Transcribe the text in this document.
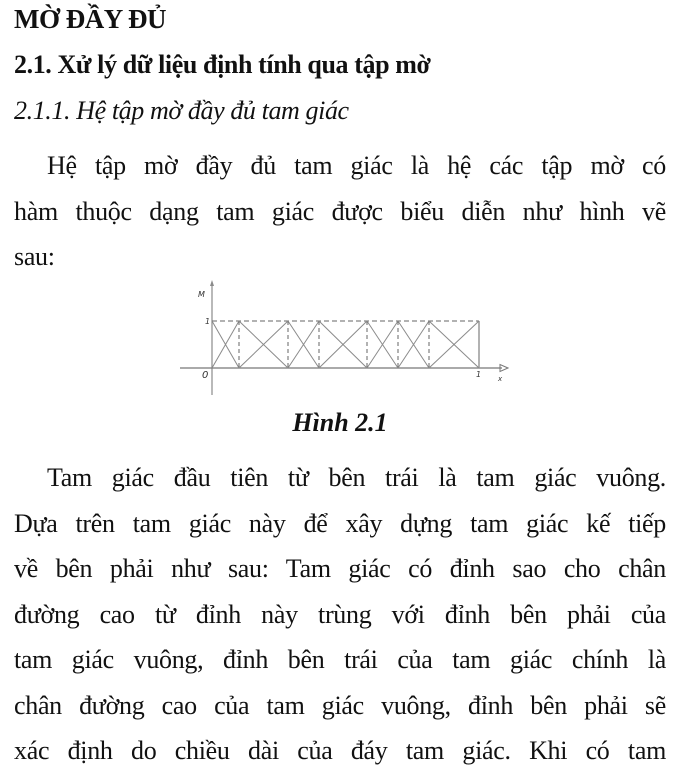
MỜ ĐẦY ĐỦ
2.1. Xử lý dữ liệu định tính qua tập mờ
2.1.1. Hệ tập mờ đầy đủ tam giác
Hệ tập mờ đầy đủ tam giác là hệ các tập mờ có
hàm thuộc dạng tam giác được biểu diễn như hình vẽ
sau:
M
1
0	1 x
Hình 2.1
Tam giác đầu tiên từ bên trái là tam giác vuông.
Dựa trên tam giác này để xây dựng tam giác kế tiếp
về bên phải như sau: Tam giác có đỉnh sao cho chân
đường cao từ đỉnh này trùng với đỉnh bên phải của
tam giác vuông, đỉnh bên trái của tam giác chính là
chân đường cao của tam giác vuông, đỉnh bên phải sẽ
xác định do chiều dài của đáy tam giác. Khi có tam
